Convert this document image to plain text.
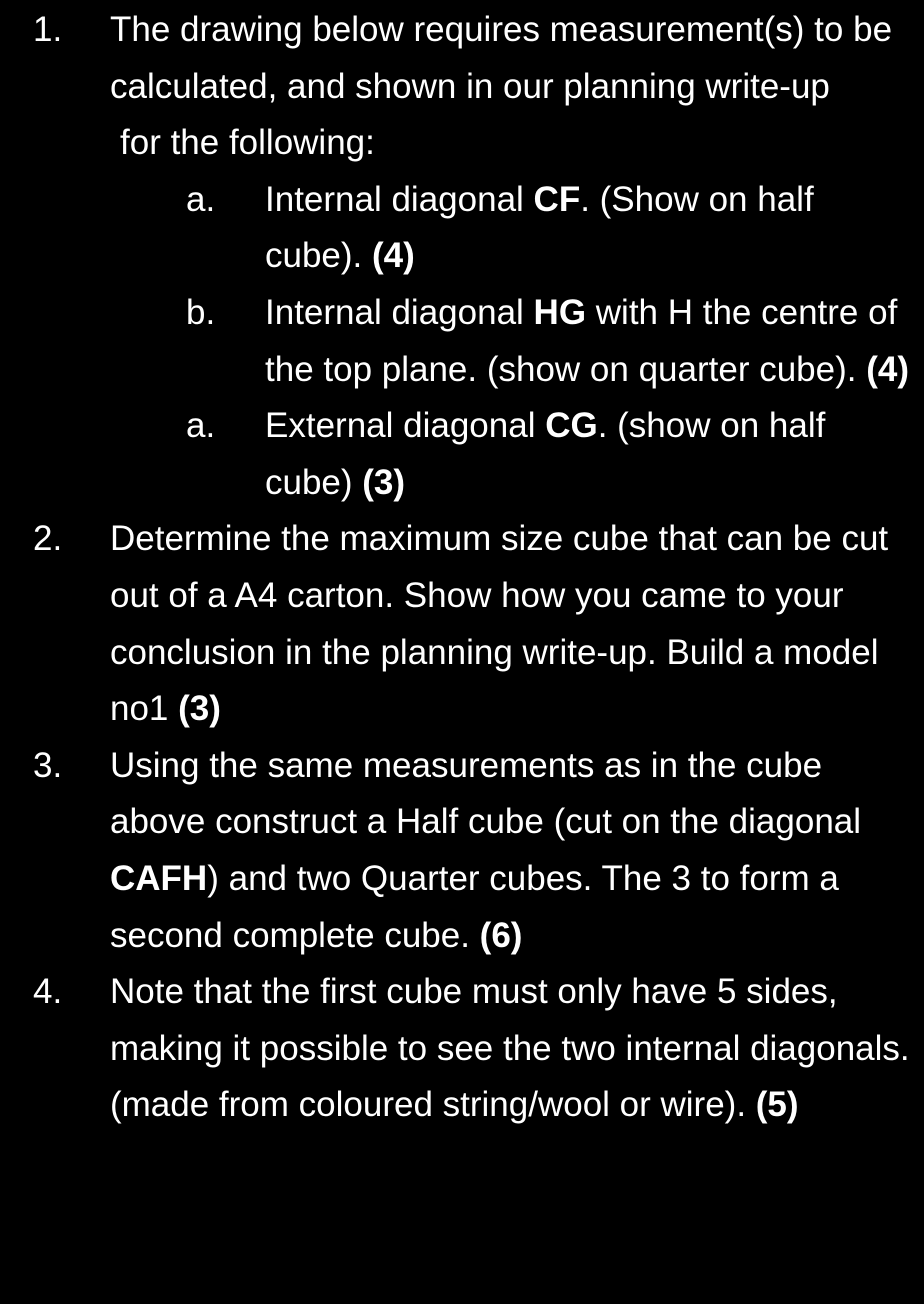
1. The drawing below requires measurement(s) to be calculated, and shown in our planning write-up
for the following:
a. Internal diagonal CF. (Show on half cube). (4)
b. Internal diagonal HG with H the centre of the top plane. (show on quarter cube). (4)
a. External diagonal CG. (show on half cube) (3)
2. Determine the maximum size cube that can be cut out of a A4 carton. Show how you came to your conclusion in the planning write-up. Build a model no1 (3)
3. Using the same measurements as in the cube above construct a Half cube (cut on the diagonal CAFH) and two Quarter cubes. The 3 to form a second complete cube. (6)
4. Note that the first cube must only have 5 sides, making it possible to see the two internal diagonals. (made from coloured string/wool or wire). (5)
